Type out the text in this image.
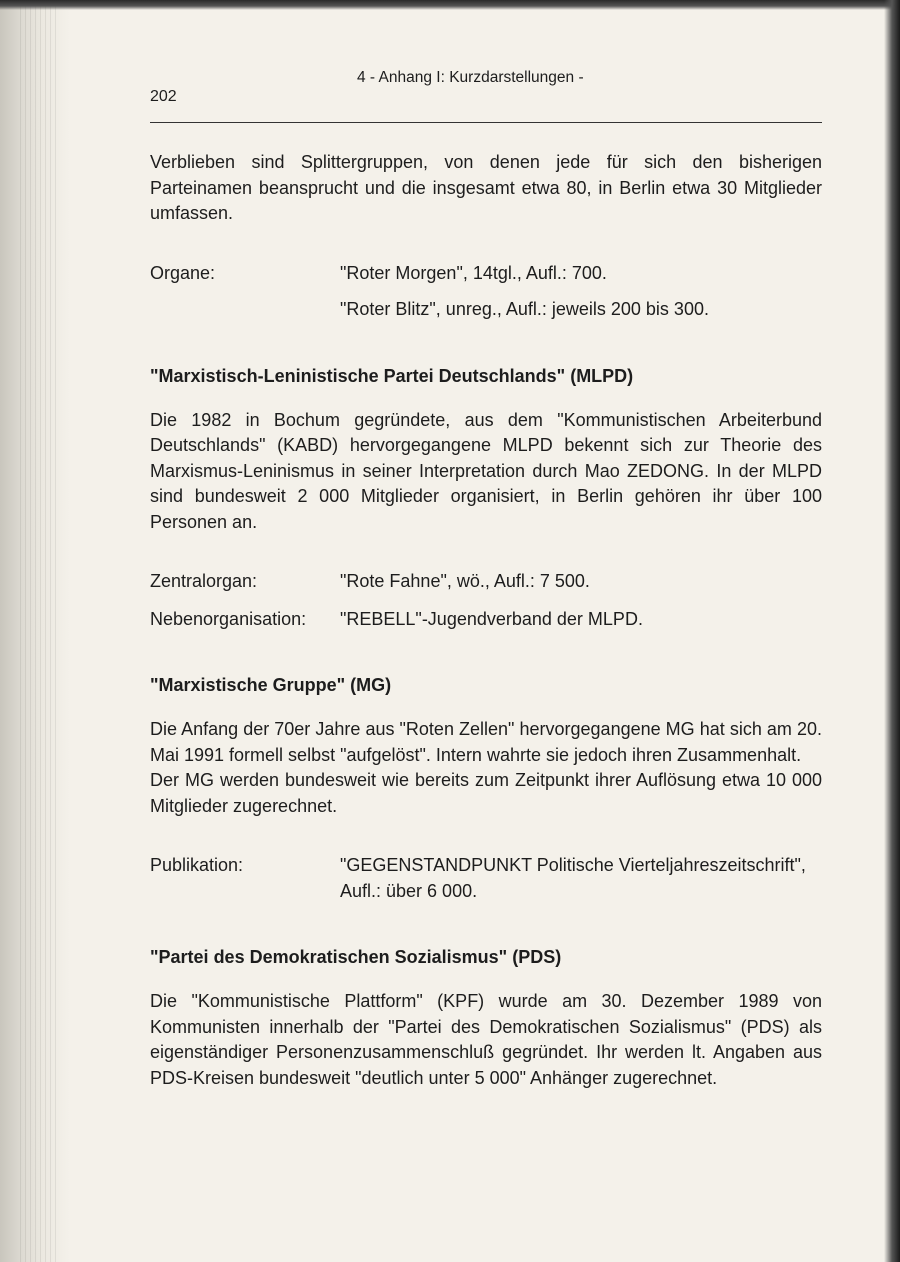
202
4 - Anhang I: Kurzdarstellungen -

Verblieben sind Splittergruppen, von denen jede für sich den bisherigen Parteinamen beansprucht und die insgesamt etwa 80, in Berlin etwa 30 Mitglieder umfassen.

Organe:	"Roter Morgen", 14tgl., Aufl.: 700.
"Roter Blitz", unreg., Aufl.: jeweils 200 bis 300.
"Marxistisch-Leninistische Partei Deutschlands" (MLPD)

Die 1982 in Bochum gegründete, aus dem "Kommunistischen Arbeiterbund Deutschlands" (KABD) hervorgegangene MLPD bekennt sich zur Theorie des Marxismus-Leninismus in seiner Interpretation durch Mao ZEDONG. In der MLPD sind bundesweit 2 000 Mitglieder organisiert, in Berlin gehören ihr über 100 Personen an.

Zentralorgan:	"Rote Fahne", wö., Aufl.: 7 500.
Nebenorganisation:	"REBELL"-Jugendverband der MLPD.
"Marxistische Gruppe" (MG)

Die Anfang der 70er Jahre aus "Roten Zellen" hervorgegangene MG hat sich am 20. Mai 1991 formell selbst "aufgelöst". Intern wahrte sie jedoch ihren Zusammenhalt.

Der MG werden bundesweit wie bereits zum Zeitpunkt ihrer Auflösung etwa 10 000 Mitglieder zugerechnet.

Publikation:	"GEGENSTANDPUNKT Politische Vierteljahreszeitschrift", Aufl.: über 6 000.
"Partei des Demokratischen Sozialismus" (PDS)

Die "Kommunistische Plattform" (KPF) wurde am 30. Dezember 1989 von Kommunisten innerhalb der "Partei des Demokratischen Sozialismus" (PDS) als eigenständiger Personenzusammenschluß gegründet. Ihr werden lt. Angaben aus PDS-Kreisen bundesweit "deutlich unter 5 000" Anhänger zugerechnet.
